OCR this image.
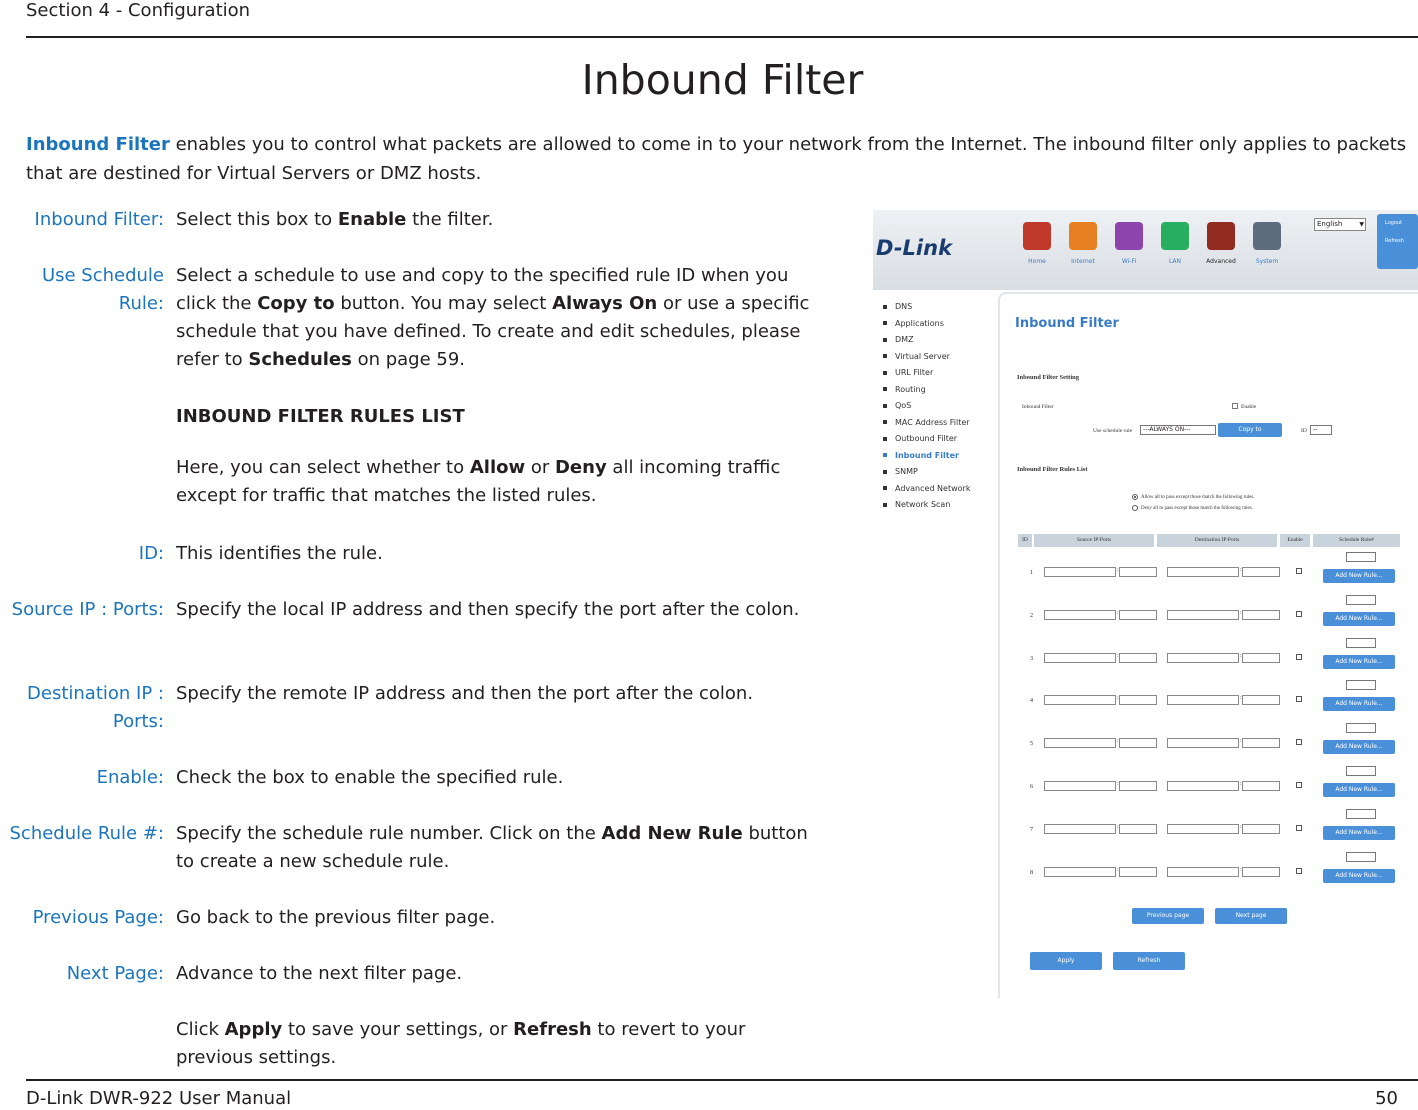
Section 4 - Configuration
Inbound Filter
Inbound Filter enables you to control what packets are allowed to come in to your network from the Internet. The inbound filter only applies to packets that are destined for Virtual Servers or DMZ hosts.
Inbound Filter: Select this box to Enable the filter.
Use Schedule
Rule:
Select a schedule to use and copy to the specified rule ID when you click the Copy to button. You may select Always On or use a specific schedule that you have defined. To create and edit schedules, please refer to Schedules on page 59.
INBOUND FILTER RULES LIST
Here, you can select whether to Allow or Deny all incoming traffic except for traffic that matches the listed rules.
ID: This identifies the rule.
Source IP : Ports: Specify the local IP address and then specify the port after the colon.
Destination IP :
Ports:
Specify the remote IP address and then the port after the colon.
Enable: Check the box to enable the specified rule.
Schedule Rule #: Specify the schedule rule number. Click on the Add New Rule button to create a new schedule rule.
Previous Page: Go back to the previous filter page.
Next Page: Advance to the next filter page.
Click Apply to save your settings, or Refresh to revert to your previous settings.
D-Link
Home	Internet	Wi-Fi	LAN	Advanced	System
English	▼	Logout
Refresh
DNS
Applications
DMZ
Virtual Server
URL Filter
Routing
QoS
MAC Address Filter
Outbound Filter
Inbound Filter
SNMP
Advanced Network
Network Scan
Inbound Filter
Inbound Filter Setting
Inbound Filter	Enable
Use schedule rule	---ALWAYS ON---	Copy to	ID	--
Inbound Filter Rules List
Allow all to pass except those match the following rules.
Deny all to pass except those match the following rules.
ID	Source IP:Ports	Destination IP:Ports	Enable	Schedule Rule#
1	:	:
Add New Rule...
2	:	:
Add New Rule...
3	:	:
Add New Rule...
4	:	:
Add New Rule...
5	:	:
Add New Rule...
6	:	:
Add New Rule...
7	:	:
Add New Rule...
8	:	:
Add New Rule...
Previous page	Next page
Apply	Refresh
D-Link DWR-922 User Manual	50
